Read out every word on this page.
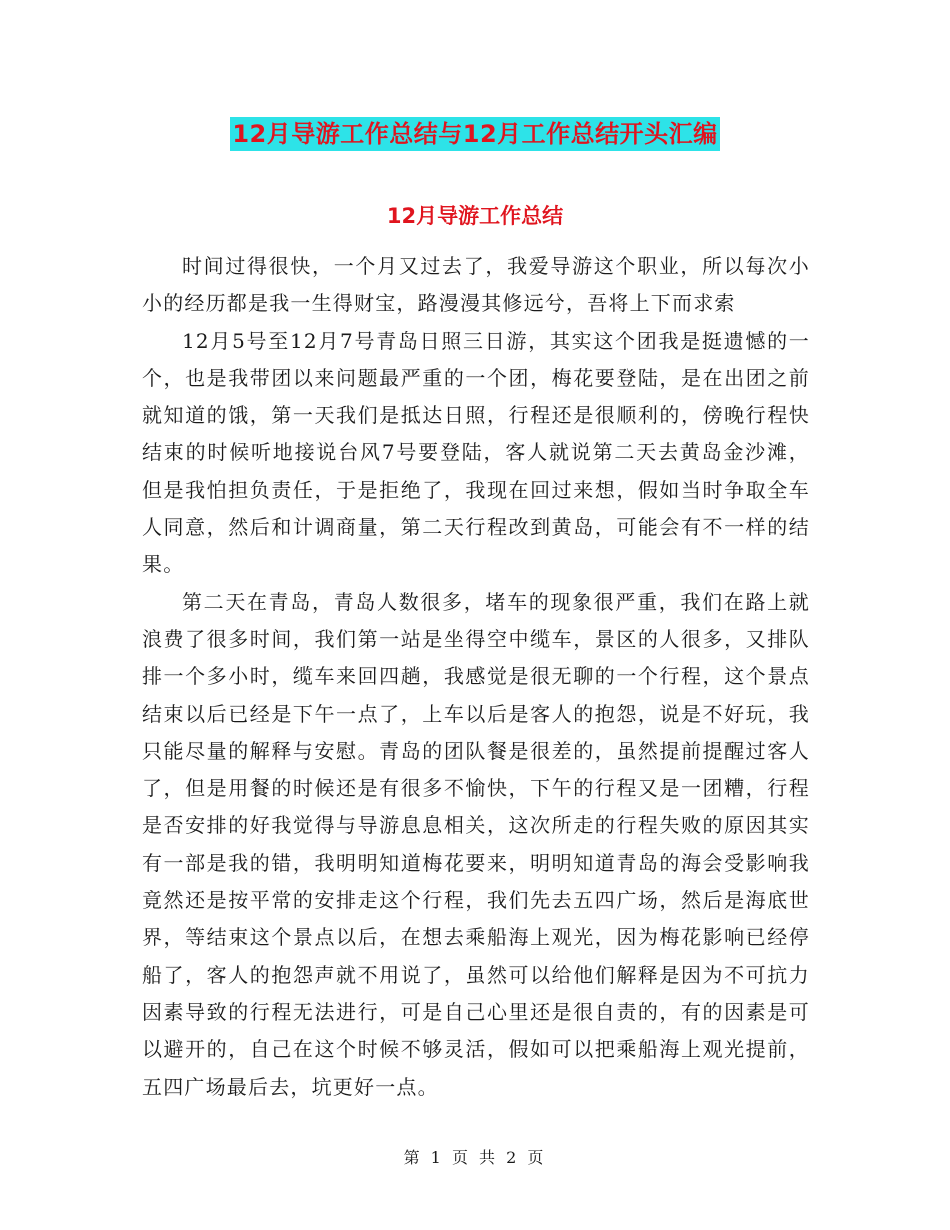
12月导游工作总结与12月工作总结开头汇编
12月导游工作总结

时间过得很快，一个月又过去了，我爱导游这个职业，所以每次小小的经历都是我一生得财宝，路漫漫其修远兮，吾将上下而求索

12月5号至12月7号青岛日照三日游，其实这个团我是挺遗憾的一个，也是我带团以来问题最严重的一个团，梅花要登陆，是在出团之前就知道的饿，第一天我们是抵达日照，行程还是很顺利的，傍晚行程快结束的时候听地接说台风7号要登陆，客人就说第二天去黄岛金沙滩，但是我怕担负责任，于是拒绝了，我现在回过来想，假如当时争取全车人同意，然后和计调商量，第二天行程改到黄岛，可能会有不一样的结果。

第二天在青岛，青岛人数很多，堵车的现象很严重，我们在路上就浪费了很多时间，我们第一站是坐得空中缆车，景区的人很多，又排队排一个多小时，缆车来回四趟，我感觉是很无聊的一个行程，这个景点结束以后已经是下午一点了，上车以后是客人的抱怨，说是不好玩，我只能尽量的解释与安慰。青岛的团队餐是很差的，虽然提前提醒过客人了，但是用餐的时候还是有很多不愉快，下午的行程又是一团糟，行程是否安排的好我觉得与导游息息相关，这次所走的行程失败的原因其实有一部是我的错，我明明知道梅花要来，明明知道青岛的海会受影响我竟然还是按平常的安排走这个行程，我们先去五四广场，然后是海底世界，等结束这个景点以后，在想去乘船海上观光，因为梅花影响已经停船了，客人的抱怨声就不用说了，虽然可以给他们解释是因为不可抗力因素导致的行程无法进行，可是自己心里还是很自责的，有的因素是可以避开的，自己在这个时候不够灵活，假如可以把乘船海上观光提前，五四广场最后去，坑更好一点。

第 1 页 共 2 页
